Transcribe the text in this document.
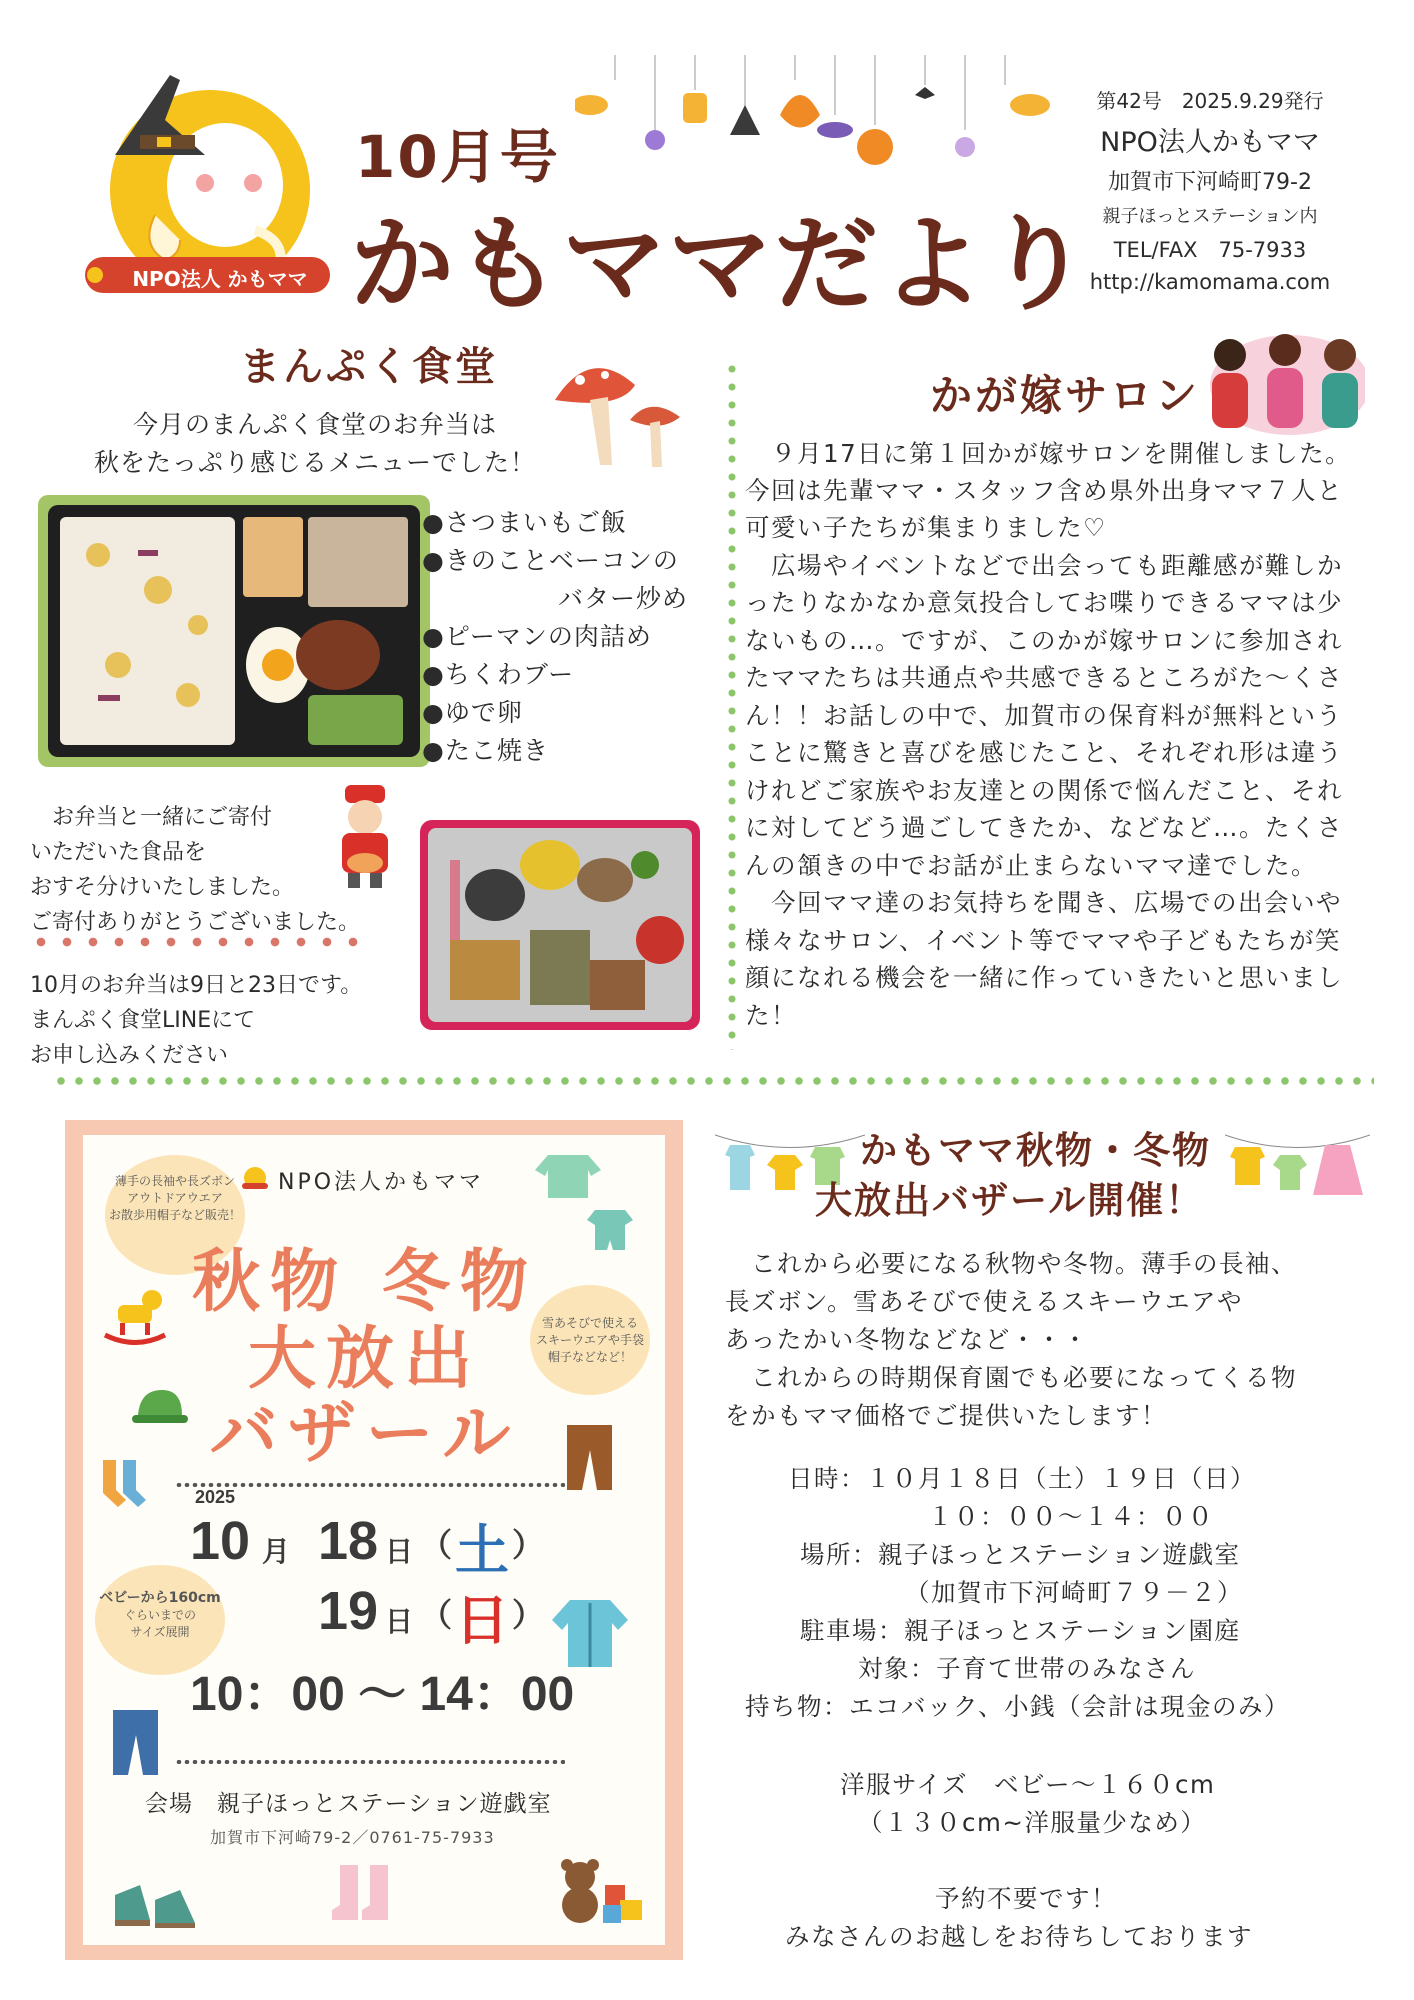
NPO法人 かもママ
10月号
かもママだより
第42号　2025.9.29発行
NPO法人かもママ
加賀市下河崎町79-2
親子ほっとステーション内
TEL/FAX　75-7933
http://kamomama.com
まんぷく食堂
今月のまんぷく食堂のお弁当は
秋をたっぷり感じるメニューでした！
●さつまいもご飯
●きのことベーコンの
バター炒め
●ピーマンの肉詰め
●ちくわブー
●ゆで卵
●たこ焼き
お弁当と一緒にご寄付
いただいた食品を
おすそ分けいたしました。
ご寄付ありがとうございました。
10月のお弁当は9日と23日です。
まんぷく食堂LINEにて
お申し込みください
かが嫁サロン
　９月17日に第１回かが嫁サロンを開催しました。
今回は先輩ママ・スタッフ含め県外出身ママ７人と
可愛い子たちが集まりました♡
　広場やイベントなどで出会っても距離感が難しか
ったりなかなか意気投合してお喋りできるママは少
ないもの…。ですが、このかが嫁サロンに参加され
たママたちは共通点や共感できるところがた～くさ
ん！！お話しの中で、加賀市の保育料が無料という
ことに驚きと喜びを感じたこと、それぞれ形は違う
けれどご家族やお友達との関係で悩んだこと、それ
に対してどう過ごしてきたか、などなど…。たくさ
んの頷きの中でお話が止まらないママ達でした。
　今回ママ達のお気持ちを聞き、広場での出会いや
様々なサロン、イベント等でママや子どもたちが笑
顔になれる機会を一緒に作っていきたいと思いまし
た！
NPO法人かもママ
薄手の長袖や長ズボン
アウトドアウエア
お散歩用帽子など販売！
秋物 冬物
大放出
バザール
雪あそびで使える
スキーウエアや手袋
帽子などなど！
2025
10 月 18 日 （ 土 ）
ベビーから160cm
ぐらいまでの
サイズ展開	19 日 （ 日 ）
10：00 ～ 14：00
会場　親子ほっとステーション遊戯室
加賀市下河崎79-2／0761-75-7933
かもママ秋物・冬物
大放出バザール開催！
　これから必要になる秋物や冬物。薄手の長袖、
長ズボン。雪あそびで使えるスキーウエアや
あったかい冬物などなど・・・
　これからの時期保育園でも必要になってくる物
をかもママ価格でご提供いたします！
日時：１０月１８日（土）１９日（日）
１０：００～１４：００
場所：親子ほっとステーション遊戯室
（加賀市下河崎町７９－２）
駐車場：親子ほっとステーション園庭
対象：子育て世帯のみなさん
持ち物：エコバック、小銭（会計は現金のみ）
洋服サイズ　ベビー～１６０cm
（１３０cm~洋服量少なめ）
予約不要です！
みなさんのお越しをお待ちしております
